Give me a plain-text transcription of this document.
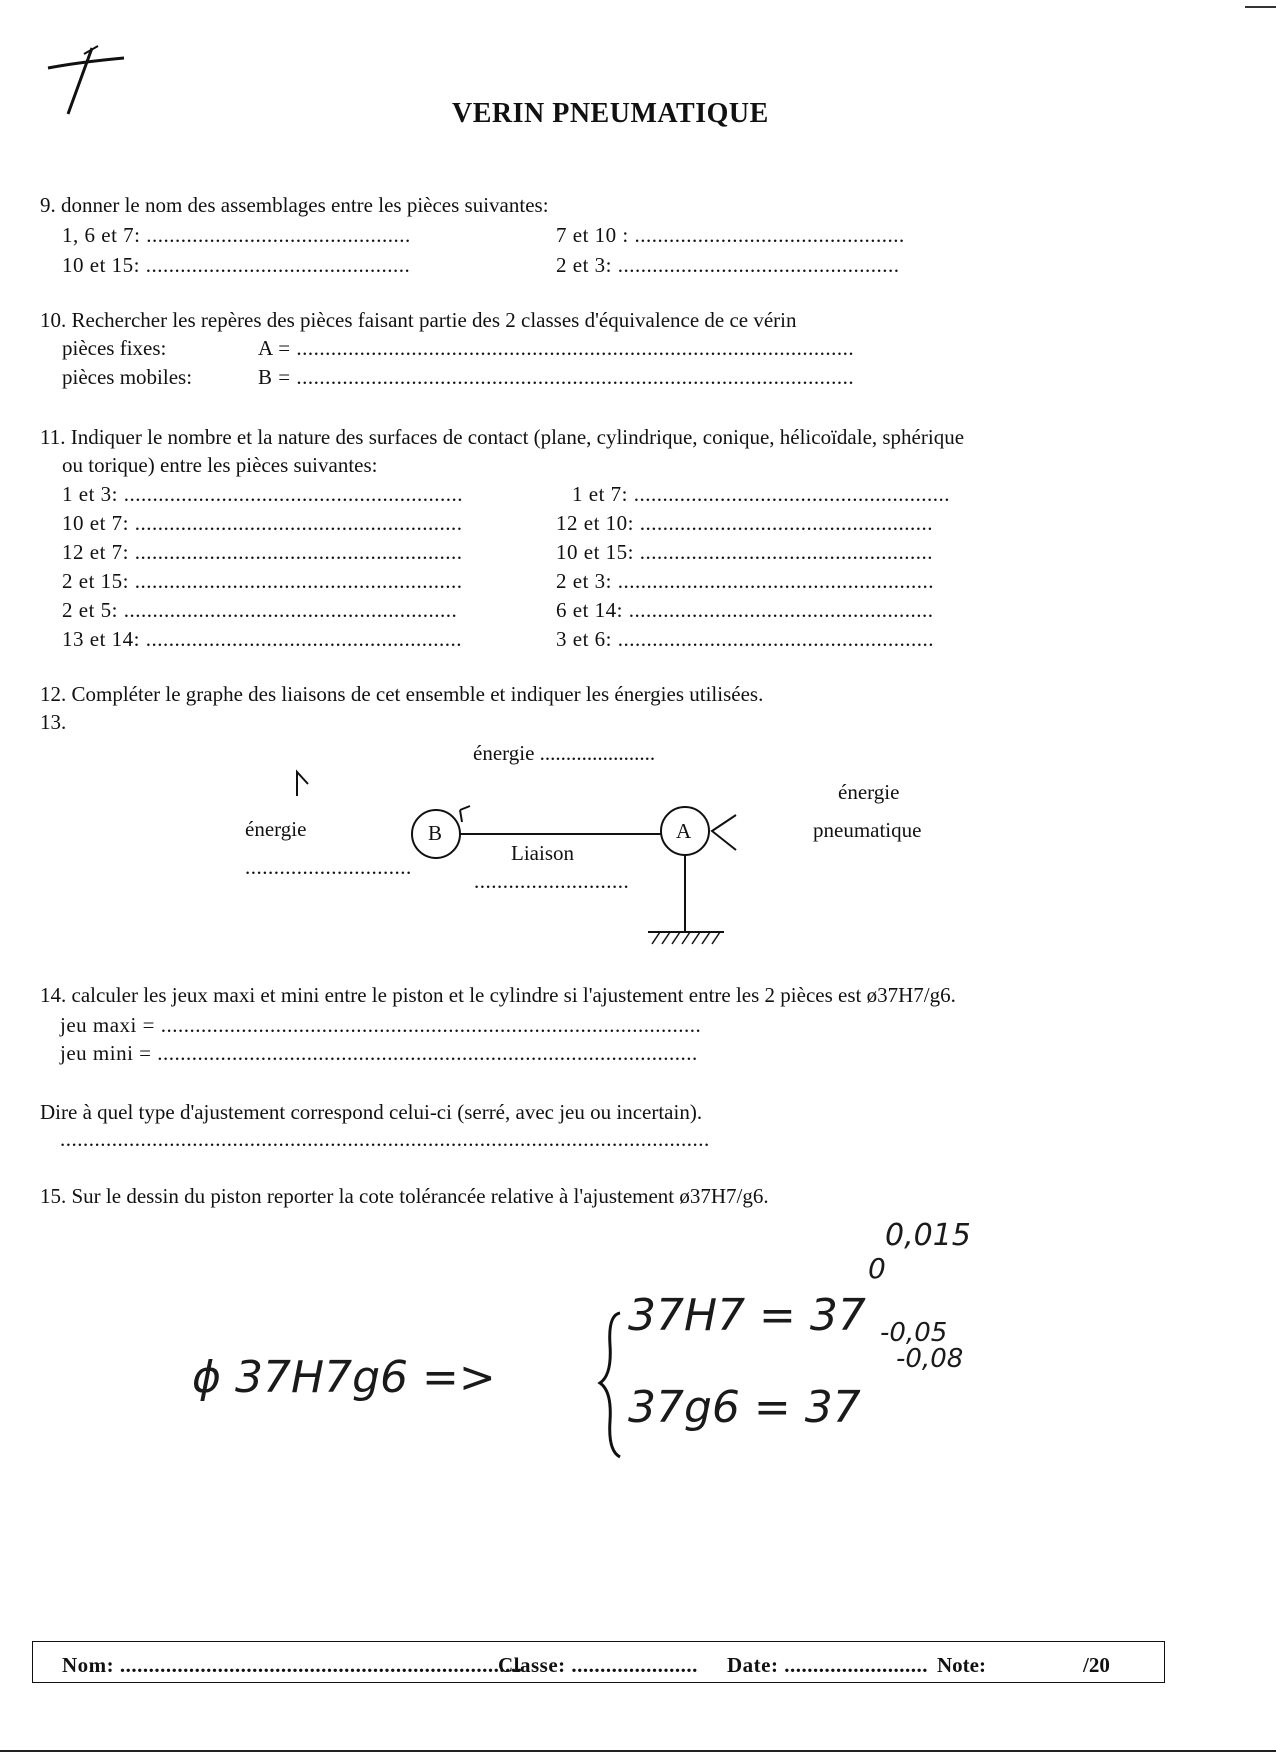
VERIN PNEUMATIQUE
9. donner le nom des assemblages entre les pièces suivantes:
1, 6 et 7: ..............................................	7 et 10 : ...............................................
10 et 15: ..............................................	2 et 3: .................................................
10. Rechercher les repères des pièces faisant partie des 2 classes d'équivalence de ce vérin
pièces fixes:	A = .................................................................................................
pièces mobiles:	B = .................................................................................................
11. Indiquer le nombre et la nature des surfaces de contact (plane, cylindrique, conique, hélicoïdale, sphérique
ou torique) entre les pièces suivantes:
1 et 3: ...........................................................	1 et 7: .......................................................
10 et 7: .........................................................	12 et 10: ...................................................
12 et 7: .........................................................	10 et 15: ...................................................
2 et 15: .........................................................	2 et 3: .......................................................
2 et 5: ..........................................................	6 et 14: .....................................................
13 et 14: .......................................................	3 et 6: .......................................................
12. Compléter le graphe des liaisons de cet ensemble et indiquer les énergies utilisées.
13.
énergie ......................
énergie
.............................
énergie
pneumatique
Liaison
...........................
B	A
14. calculer les jeux maxi et mini entre le piston et le cylindre si l'ajustement entre les 2 pièces est ø37H7/g6.
jeu maxi = ..............................................................................................
jeu mini = ..............................................................................................
Dire à quel type d'ajustement correspond celui-ci (serré, avec jeu ou incertain).
.................................................................................................................
15. Sur le dessin du piston reporter la cote tolérancée relative à l'ajustement ø37H7/g6.
ϕ 37H7g6 =>
37H7 = 37
0,015
0
37g6 = 37
-0,05
-0,08
Nom: ......................................................................
Classe: ...................... Date: ......................... Note:	/20
